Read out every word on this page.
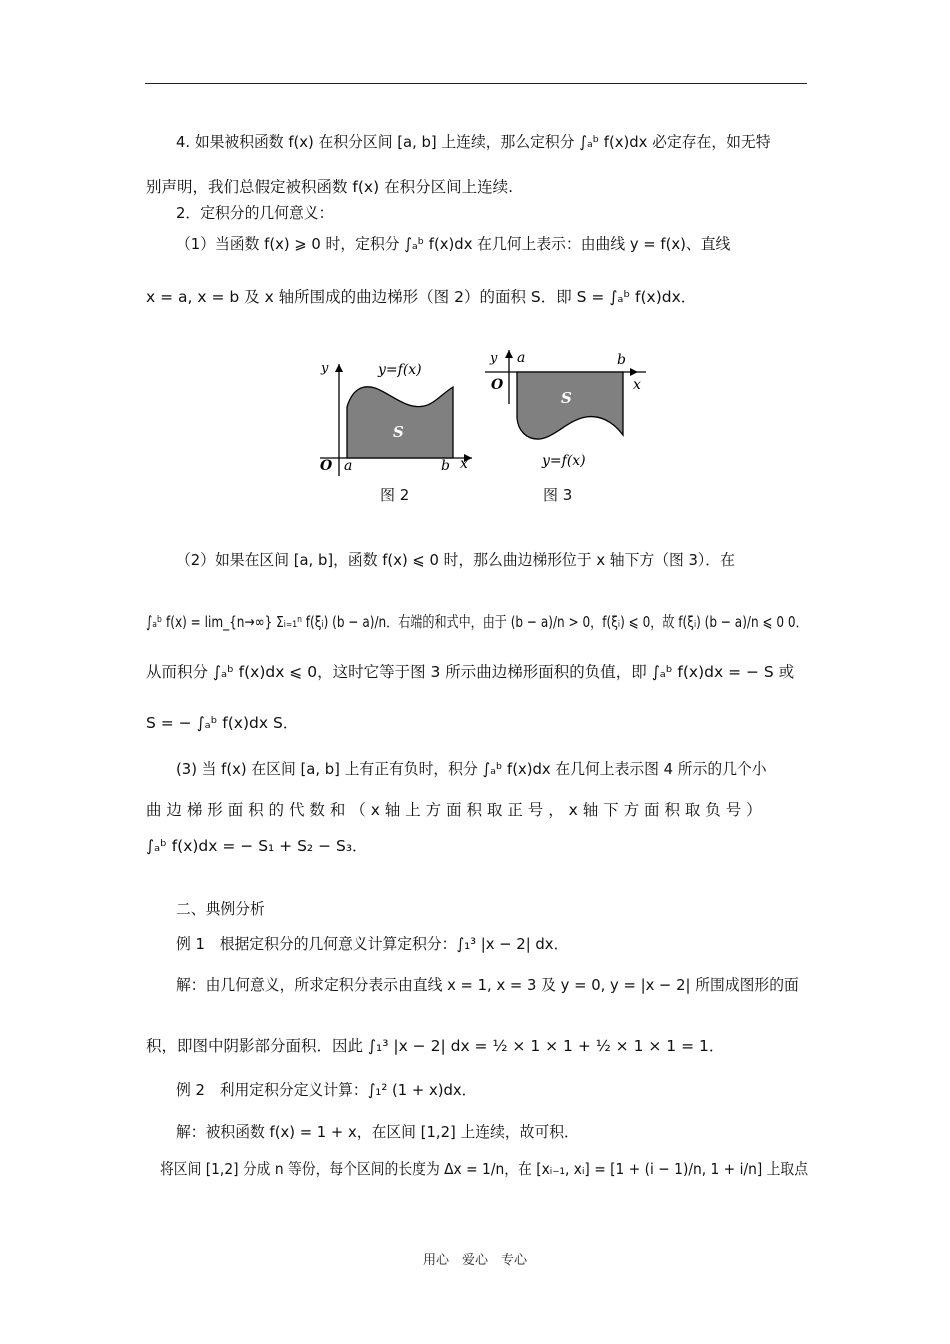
4. 如果被积函数 f(x) 在积分区间 [a, b] 上连续，那么定积分 ∫ₐᵇ f(x)dx 必定存在，如无特
别声明，我们总假定被积函数 f(x) 在积分区间上连续.
2．定积分的几何意义：
（1）当函数 f(x) ⩾ 0 时，定积分 ∫ₐᵇ f(x)dx 在几何上表示：由曲线 y = f(x)、直线
x = a, x = b 及 x 轴所围成的曲边梯形（图 2）的面积 S．即 S = ∫ₐᵇ f(x)dx．
y
x
O a	b
S
y=f(x)
y
x
O
a	b
S
y=f(x)
图 2	图 3
（2）如果在区间 [a, b]，函数 f(x) ⩽ 0 时，那么曲边梯形位于 x 轴下方（图 3）．在
∫ₐᵇ f(x) = lim_{n→∞} Σᵢ₌₁ⁿ f(ξᵢ) (b − a)/n．右端的和式中，由于 (b − a)/n > 0，f(ξᵢ) ⩽ 0，故 f(ξᵢ) (b − a)/n ⩽ 0 0．
从而积分 ∫ₐᵇ f(x)dx ⩽ 0，这时它等于图 3 所示曲边梯形面积的负值，即 ∫ₐᵇ f(x)dx = − S 或
S = − ∫ₐᵇ f(x)dx S．
(3) 当 f(x) 在区间 [a, b] 上有正有负时，积分 ∫ₐᵇ f(x)dx 在几何上表示图 4 所示的几个小
曲 边 梯 形 面 积 的 代 数 和 （ x 轴 上 方 面 积 取 正 号 ， x 轴 下 方 面 积 取 负 号 ）
∫ₐᵇ f(x)dx = − S₁ + S₂ − S₃．
二、典例分析
例 1　根据定积分的几何意义计算定积分：∫₁³ |x − 2| dx．
解：由几何意义，所求定积分表示由直线 x = 1, x = 3 及 y = 0, y = |x − 2| 所围成图形的面
积，即图中阴影部分面积．因此 ∫₁³ |x − 2| dx = ½ × 1 × 1 + ½ × 1 × 1 = 1．
例 2　利用定积分定义计算：∫₁² (1 + x)dx．
解：被积函数 f(x) = 1 + x，在区间 [1,2] 上连续，故可积．
将区间 [1,2] 分成 n 等份，每个区间的长度为 Δx = 1/n，在 [xᵢ₋₁, xᵢ] = [1 + (i − 1)/n, 1 + i/n] 上取点
用心　爱心　专心
